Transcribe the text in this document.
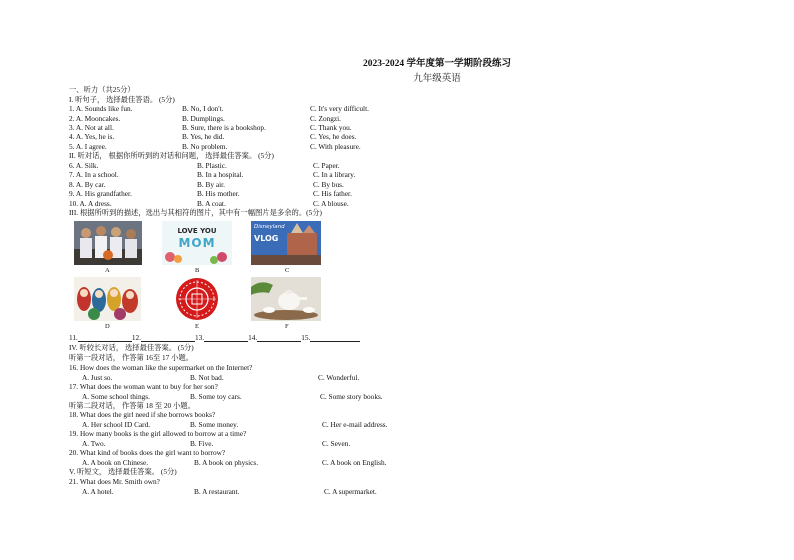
2023-2024 学年度第一学期阶段练习
九年级英语
一、听力（共25分）
I. 听句子， 选择最佳答语。 (5分)
1. A. Sounds like fun.	B. No, I don't.	C. It's very difficult.
2. A. Mooncakes.	B. Dumplings.	C. Zongzi.
3. A. Not at all.	B. Sure, there is a bookshop.	C. Thank you.
4. A. Yes, he is.	B. Yes, he did.	C. Yes, he does.
5. A. I agree.	B. No problem.	C. With pleasure.
II. 听对话， 根据你所听到的对话和问题， 选择最佳答案。 (5分)
6. A. Silk.	B. Plastic.	C. Paper.
7. A. In a school.	B. In a hospital.	C. In a library.
8. A. By car.	B. By air.	C. By bus.
9. A. His grandfather.	B. His mother.	C. His father.
10. A. A dress.	B. A coat.	C. A blouse.
III. 根据所听到的描述，选出与其相符的图片，其中有一幅图片是多余的。(5分)
A
LOVE YOU
MOM
B
Disneyland
VLOG
C
D	E	F
11.	12.	13.	14.	15.
IV. 听较长对话， 选择最佳答案。 (5分)
听第一段对话， 作答第 16至 17 小题。
16. How does the woman like the supermarket on the Internet?
A. Just so.	B. Not bad.	C. Wonderful.
17. What does the woman want to buy for her son?
A. Some school things.	B. Some toy cars.	C. Some story books.
听第二段对话， 作答第 18 至 20 小题。
18. What does the girl need if she borrows books?
A. Her school ID Card.	B. Some money.	C. Her e-mail address.
19. How many books is the girl allowed to borrow at a time?
A. Two.	B. Five.	C. Seven.
20. What kind of books does the girl want to borrow?
A. A book on Chinese.	B. A book on physics.	C. A book on English.
V. 听短文， 选择最佳答案。 (5分)
21. What does Mr. Smith own?
A. A hotel.	B. A restaurant.	C. A supermarket.
